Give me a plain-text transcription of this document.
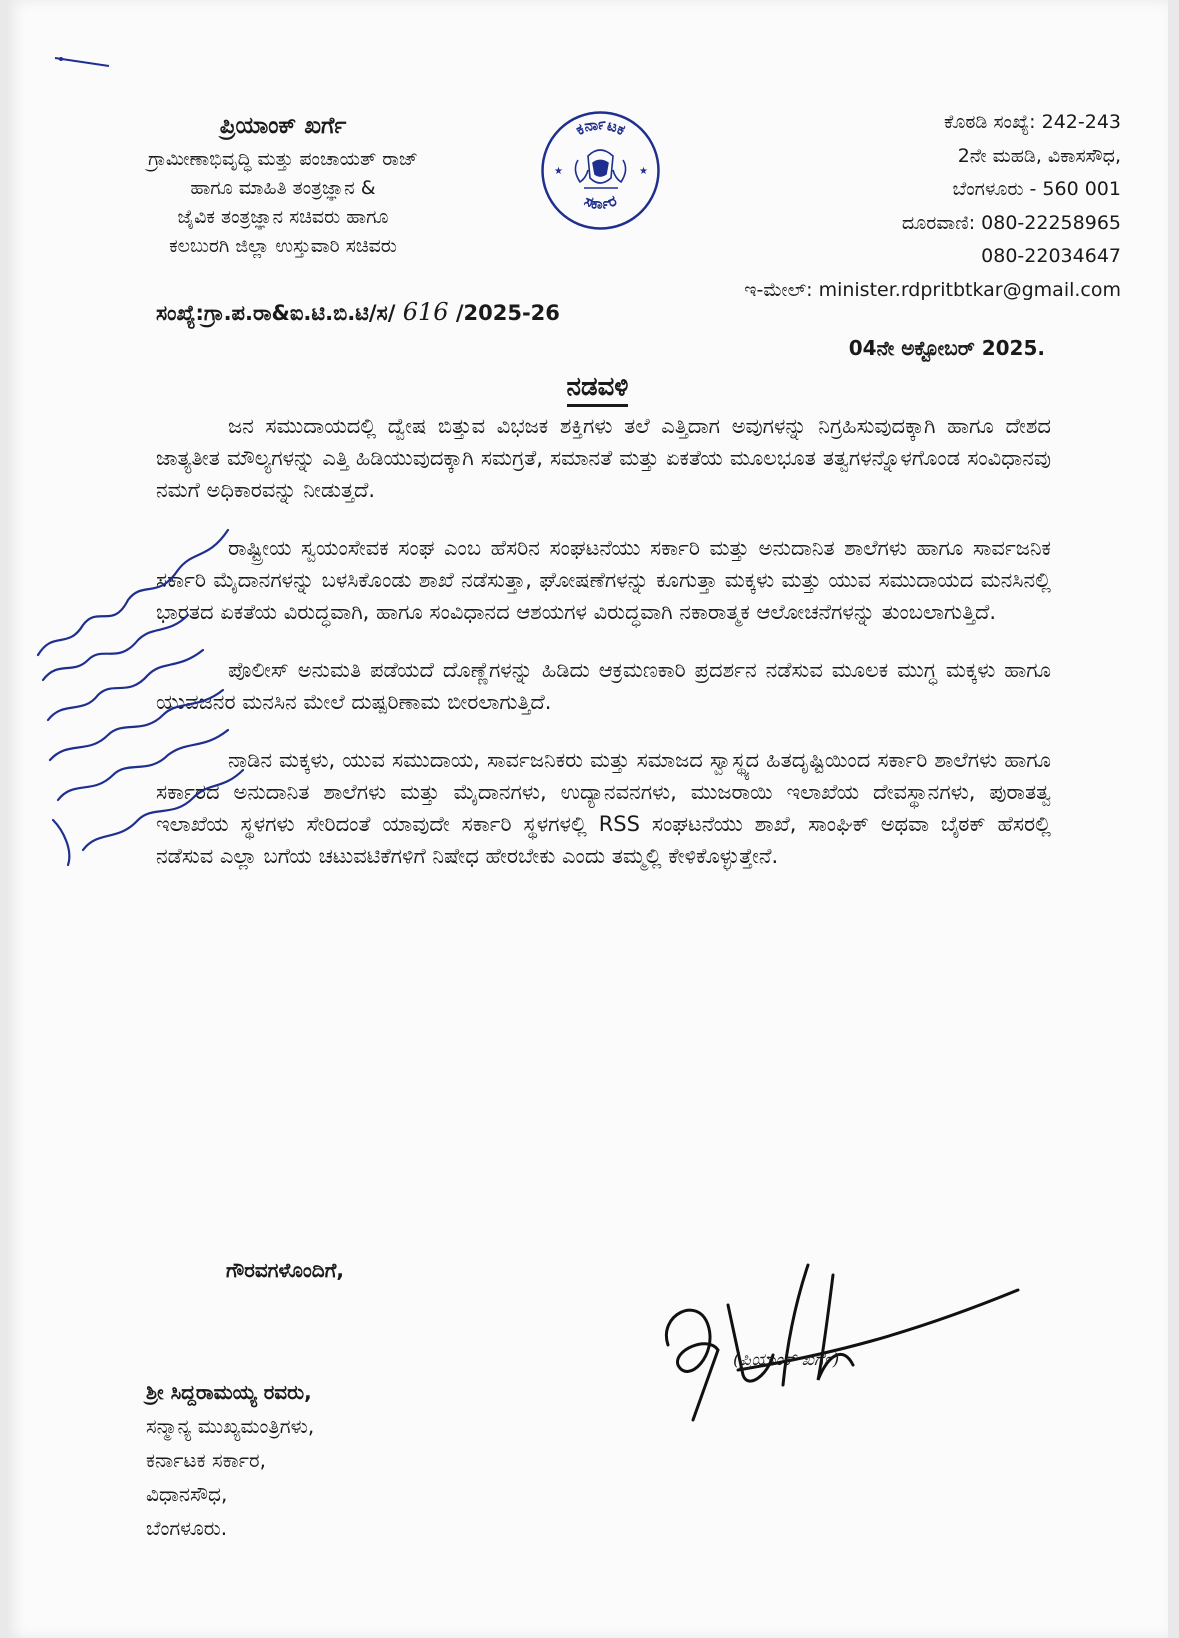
ಪ್ರಿಯಾಂಕ್ ಖರ್ಗೆ
ಗ್ರಾಮೀಣಾಭಿವೃದ್ಧಿ ಮತ್ತು ಪಂಚಾಯತ್ ರಾಜ್
ಹಾಗೂ ಮಾಹಿತಿ ತಂತ್ರಜ್ಞಾನ &
ಜೈವಿಕ ತಂತ್ರಜ್ಞಾನ ಸಚಿವರು ಹಾಗೂ
ಕಲಬುರಗಿ ಜಿಲ್ಲಾ ಉಸ್ತುವಾರಿ ಸಚಿವರು
ಸಂಖ್ಯೆ:ಗ್ರಾ.ಪ.ರಾ&ಐ.ಟಿ.ಬಿ.ಟಿ/ಸ/ 616 /2025-26
ಕರ್ನಾಟಕ
ಸರ್ಕಾರ
★	★
ಕೊಠಡಿ ಸಂಖ್ಯೆ: 242-243
2ನೇ ಮಹಡಿ, ವಿಕಾಸಸೌಧ,
ಬೆಂಗಳೂರು - 560 001
ದೂರವಾಣಿ: 080-22258965
080-22034647
ಇ-ಮೇಲ್: minister.rdpritbtkar@gmail.com
04ನೇ ಅಕ್ಟೋಬರ್ 2025.
ನಡವಳಿ

ಜನ ಸಮುದಾಯದಲ್ಲಿ ದ್ವೇಷ ಬಿತ್ತುವ ವಿಭಜಕ ಶಕ್ತಿಗಳು ತಲೆ ಎತ್ತಿದಾಗ ಅವುಗಳನ್ನು ನಿಗ್ರಹಿಸುವುದಕ್ಕಾಗಿ ಹಾಗೂ ದೇಶದ ಜಾತ್ಯತೀತ ಮೌಲ್ಯಗಳನ್ನು ಎತ್ತಿ ಹಿಡಿಯುವುದಕ್ಕಾಗಿ ಸಮಗ್ರತೆ, ಸಮಾನತೆ ಮತ್ತು ಏಕತೆಯ ಮೂಲಭೂತ ತತ್ವಗಳನ್ನೊಳಗೊಂಡ ಸಂವಿಧಾನವು ನಮಗೆ ಅಧಿಕಾರವನ್ನು ನೀಡುತ್ತದೆ.

ರಾಷ್ಟ್ರೀಯ ಸ್ವಯಂಸೇವಕ ಸಂಘ ಎಂಬ ಹೆಸರಿನ ಸಂಘಟನೆಯು ಸರ್ಕಾರಿ ಮತ್ತು ಅನುದಾನಿತ ಶಾಲೆಗಳು ಹಾಗೂ ಸಾರ್ವಜನಿಕ ಸರ್ಕಾರಿ ಮೈದಾನಗಳನ್ನು ಬಳಸಿಕೊಂಡು ಶಾಖೆ ನಡೆಸುತ್ತಾ, ಘೋಷಣೆಗಳನ್ನು ಕೂಗುತ್ತಾ ಮಕ್ಕಳು ಮತ್ತು ಯುವ ಸಮುದಾಯದ ಮನಸಿನಲ್ಲಿ ಭಾರತದ ಏಕತೆಯ ವಿರುದ್ಧವಾಗಿ, ಹಾಗೂ ಸಂವಿಧಾನದ ಆಶಯಗಳ ವಿರುದ್ಧವಾಗಿ ನಕಾರಾತ್ಮಕ ಆಲೋಚನೆಗಳನ್ನು ತುಂಬಲಾಗುತ್ತಿದೆ.

ಪೊಲೀಸ್ ಅನುಮತಿ ಪಡೆಯದೆ ದೊಣ್ಣೆಗಳನ್ನು ಹಿಡಿದು ಆಕ್ರಮಣಕಾರಿ ಪ್ರದರ್ಶನ ನಡೆಸುವ ಮೂಲಕ ಮುಗ್ಧ ಮಕ್ಕಳು ಹಾಗೂ ಯುವಜನರ ಮನಸಿನ ಮೇಲೆ ದುಷ್ಪರಿಣಾಮ ಬೀರಲಾಗುತ್ತಿದೆ.

ನಾಡಿನ ಮಕ್ಕಳು, ಯುವ ಸಮುದಾಯ, ಸಾರ್ವಜನಿಕರು ಮತ್ತು ಸಮಾಜದ ಸ್ವಾಸ್ಥ್ಯದ ಹಿತದೃಷ್ಟಿಯಿಂದ ಸರ್ಕಾರಿ ಶಾಲೆಗಳು ಹಾಗೂ ಸರ್ಕಾರದ ಅನುದಾನಿತ ಶಾಲೆಗಳು ಮತ್ತು ಮೈದಾನಗಳು, ಉದ್ಯಾನವನಗಳು, ಮುಜರಾಯಿ ಇಲಾಖೆಯ ದೇವಸ್ಥಾನಗಳು, ಪುರಾತತ್ವ ಇಲಾಖೆಯ ಸ್ಥಳಗಳು ಸೇರಿದಂತೆ ಯಾವುದೇ ಸರ್ಕಾರಿ ಸ್ಥಳಗಳಲ್ಲಿ RSS ಸಂಘಟನೆಯು ಶಾಖೆ, ಸಾಂಘಿಕ್ ಅಥವಾ ಬೈಠಕ್ ಹೆಸರಲ್ಲಿ ನಡೆಸುವ ಎಲ್ಲಾ ಬಗೆಯ ಚಟುವಟಿಕೆಗಳಿಗೆ ನಿಷೇಧ ಹೇರಬೇಕು ಎಂದು ತಮ್ಮಲ್ಲಿ ಕೇಳಿಕೊಳ್ಳುತ್ತೇನೆ.

ಗೌರವಗಳೊಂದಿಗೆ,
(ಪ್ರಿಯಾಂಕ್ ಖರ್ಗೆ)
ಶ್ರೀ ಸಿದ್ದರಾಮಯ್ಯ ರವರು,
ಸನ್ಮಾನ್ಯ ಮುಖ್ಯಮಂತ್ರಿಗಳು,
ಕರ್ನಾಟಕ ಸರ್ಕಾರ,
ವಿಧಾನಸೌಧ,
ಬೆಂಗಳೂರು.
